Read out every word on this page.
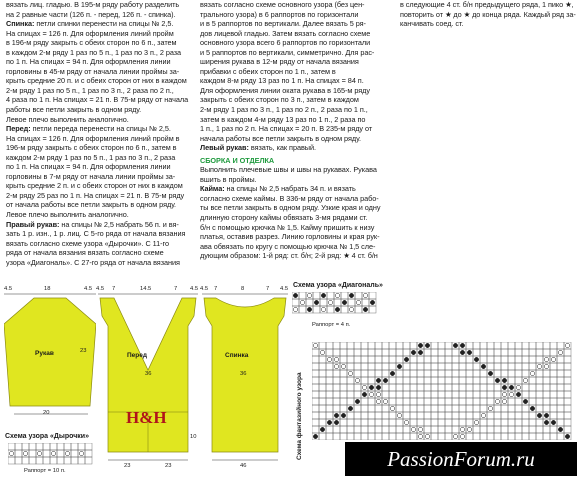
вязать лиц. гладью. В 195-м ряду работу разделить

на 2 равные части (126 п. - перед, 126 п. - спинка).

Спинка: петли спинки перенести на спицы № 2,5.

На спицах = 126 п. Для оформления линий пройм

в 196-м ряду закрыть с обеих сторон по 6 п., затем

в каждом 2-м ряду 1 раз по 5 п., 1 раз по 3 п., 2 раза

по 1 п. На спицах = 94 п. Для оформления линии

горловины в 45-м ряду от начала линии проймы за-

крыть средние 20 п. и с обеих сторон от них в каждом

2-м ряду 1 раз по 5 п., 1 раз по 3 п., 2 раза по 2 п.,

4 раза по 1 п. На спицах = 21 п. В 75-м ряду от начала

работы все петли закрыть в одном ряду.

Левое плечо выполнить аналогично.

Перед: петли переда перенести на спицы № 2,5.

На спицах = 126 п. Для оформления линий пройм в

196-м ряду закрыть с обеих сторон по 6 п., затем в

каждом 2-м ряду 1 раз по 5 п., 1 раз по 3 п., 2 раза

по 1 п. На спицах = 94 п. Для оформления линии

горловины в 7-м ряду от начала линии проймы за-

крыть средние 2 п. и с обеих сторон от них в каждом

2-м ряду 25 раз по 1 п. На спицах = 21 п. В 75-м ряду

от начала работы все петли закрыть в одном ряду.

Левое плечо выполнить аналогично.

Правый рукав: на спицы № 2,5 набрать 56 п. и вя-

зать 1 р. изн., 1 р. лиц. С 5-го ряда от начала вязания

вязать согласно схеме узора «Дырочки». С 11-го

ряда от начала вязания вязать согласно схеме

узора «Диагональ». С 27-го ряда от начала вязания

вязать согласно схеме основного узора (без цен-

трального узора) в 6 раппортов по горизонтали

и в 5 раппортов по вертикали. Далее вязать 5 ря-

дов лицевой гладью. Затем вязать согласно схеме

основного узора всего 6 раппортов по горизонтали

и 5 раппортов по вертикали, симметрично. Для рас-

ширения рукава в 12-м ряду от начала вязания

прибавки с обеих сторон по 1 п., затем в

каждом 8-м ряду 13 раз по 1 п. На спицах = 84 п.

Для оформления линии оката рукава в 165-м ряду

закрыть с обеих сторон по 3 п., затем в каждом

2-м ряду 1 раз по 3 п., 1 раз по 2 п., 2 раза по 1 п.,

затем в каждом 4-м ряду 13 раз по 1 п., 2 раза по

1 п., 1 раз по 2 п. На спицах = 20 п. В 235-м ряду от

начала работы все петли закрыть в одном ряду.

Левый рукав: вязать, как правый.

СБОРКА И ОТДЕЛКА

Выполнить плечевые швы и швы на рукавах. Рукава

вшить в проймы.

Кайма: на спицы № 2,5 набрать 34 п. и вязать

согласно схеме каймы. В 336-м ряду от начала рабо-

ты все петли закрыть в одном ряду. Узкие края и одну

длинную сторону каймы обвязать 3-мя рядами ст.

б/н с помощью крючка № 1,5. Кайму пришить к низу

платья, оставив разрез. Линию горловины и края рук-

ава обвязать по кругу с помощью крючка № 1,5 сле-

дующим образом: 1-й ряд: ст. б/н; 2-й ряд: ★ 4 ст. б/н

в следующие 4 ст. б/н предыдущего ряда, 1 пико ★,

повторить от ★ до ★ до конца ряда. Каждый ряд за-

канчивать соед. ст.

Рукав
4.5	18	4.5
23
20
Перед
4.5 7	14.5	7 4.5
36
10
23	23
H&H
Спинка
4.5 7	8	7 4.5
36
46
Схема узора «Дырочки»
Раппорт = 10 п.
Схема узора «Диагональ»
Раппорт = 4 п.
Схема фантазийного узора	PassionForum.ru
